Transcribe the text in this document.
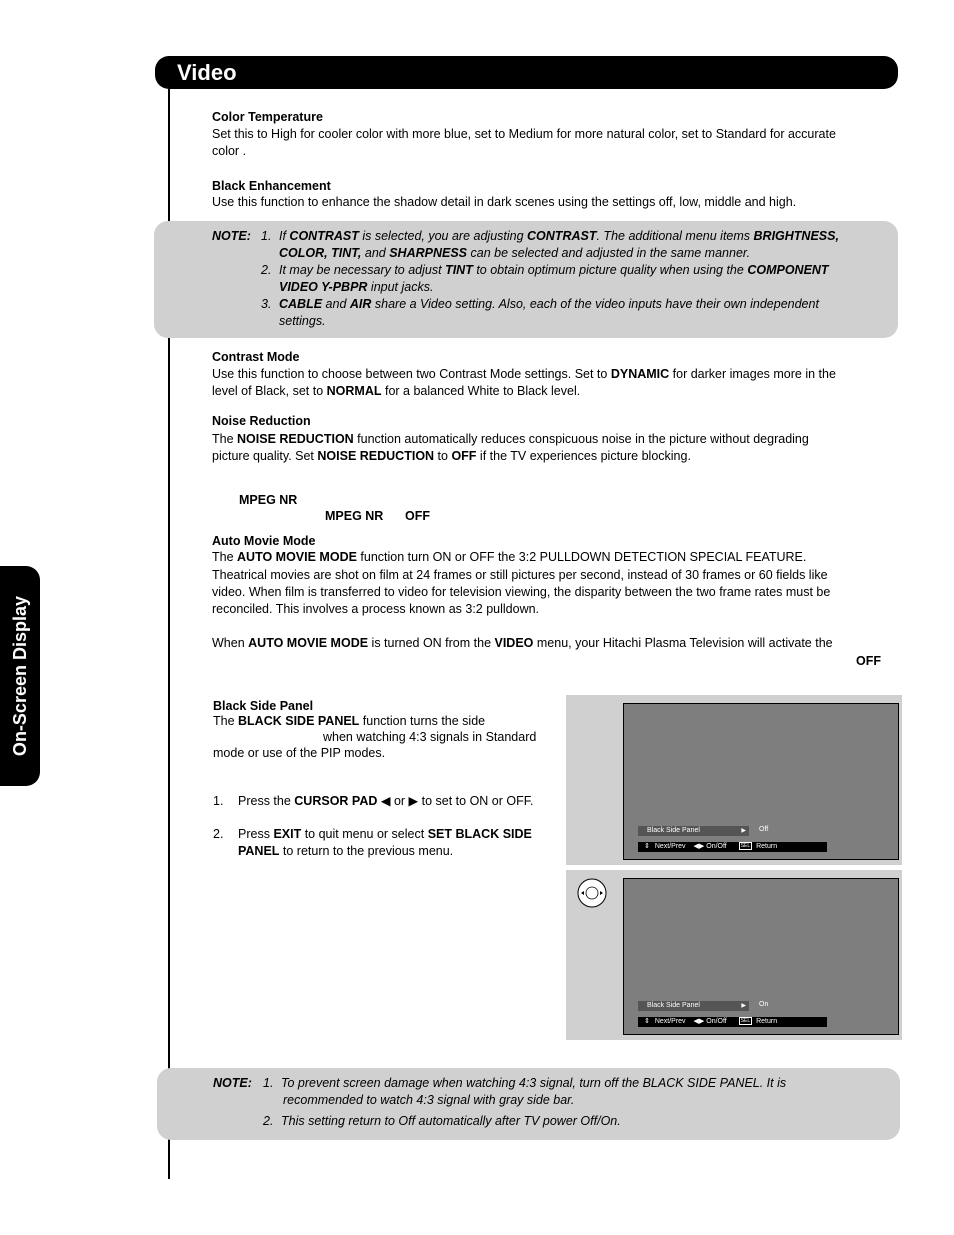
Video
On-Screen Display
Color Temperature
Set this to High for cooler color with more blue, set to Medium for more natural color, set to Standard for accurate
color .
Black Enhancement
Use this function to enhance the shadow detail in dark scenes using the settings off, low, middle and high.
NOTE: 1. If CONTRAST is selected, you are adjusting CONTRAST. The additional menu items BRIGHTNESS,
COLOR, TINT, and SHARPNESS can be selected and adjusted in the same manner.
2. It may be necessary to adjust TINT to obtain optimum picture quality when using the COMPONENT
VIDEO Y-PBPR input jacks.
3. CABLE and AIR share a Video setting. Also, each of the video inputs have their own independent
settings.
Contrast Mode
Use this function to choose between two Contrast Mode settings. Set to DYNAMIC for darker images more in the
level of Black, set to NORMAL for a balanced White to Black level.
Noise Reduction
The NOISE REDUCTION function automatically reduces conspicuous noise in the picture without degrading
picture quality. Set NOISE REDUCTION to OFF if the TV experiences picture blocking.
MPEG NR
MPEG NR OFF
Auto Movie Mode
The AUTO MOVIE MODE function turn ON or OFF the 3:2 PULLDOWN DETECTION SPECIAL FEATURE.
Theatrical movies are shot on film at 24 frames or still pictures per second, instead of 30 frames or 60 fields like
video. When film is transferred to video for television viewing, the disparity between the two frame rates must be
reconciled. This involves a process known as 3:2 pulldown.
When AUTO MOVIE MODE is turned ON from the VIDEO menu, your Hitachi Plasma Television will activate the
OFF
Black Side Panel
The BLACK SIDE PANEL function turns the side
when watching 4:3 signals in Standard
mode or use of the PIP modes.
1. Press the CURSOR PAD ◀ or ▶ to set to ON or OFF.
2. Press EXIT to quit menu or select SET BLACK SIDE
PANEL to return to the previous menu.
Black Side Panel	▶ Off
⇕ Next/Prev ◀▶ On/Off	SEL Return
Black Side Panel	▶ On
⇕ Next/Prev ◀▶ On/Off	SEL Return
NOTE: 1. To prevent screen damage when watching 4:3 signal, turn off the BLACK SIDE PANEL. It is
recommended to watch 4:3 signal with gray side bar.
2. This setting return to Off automatically after TV power Off/On.
